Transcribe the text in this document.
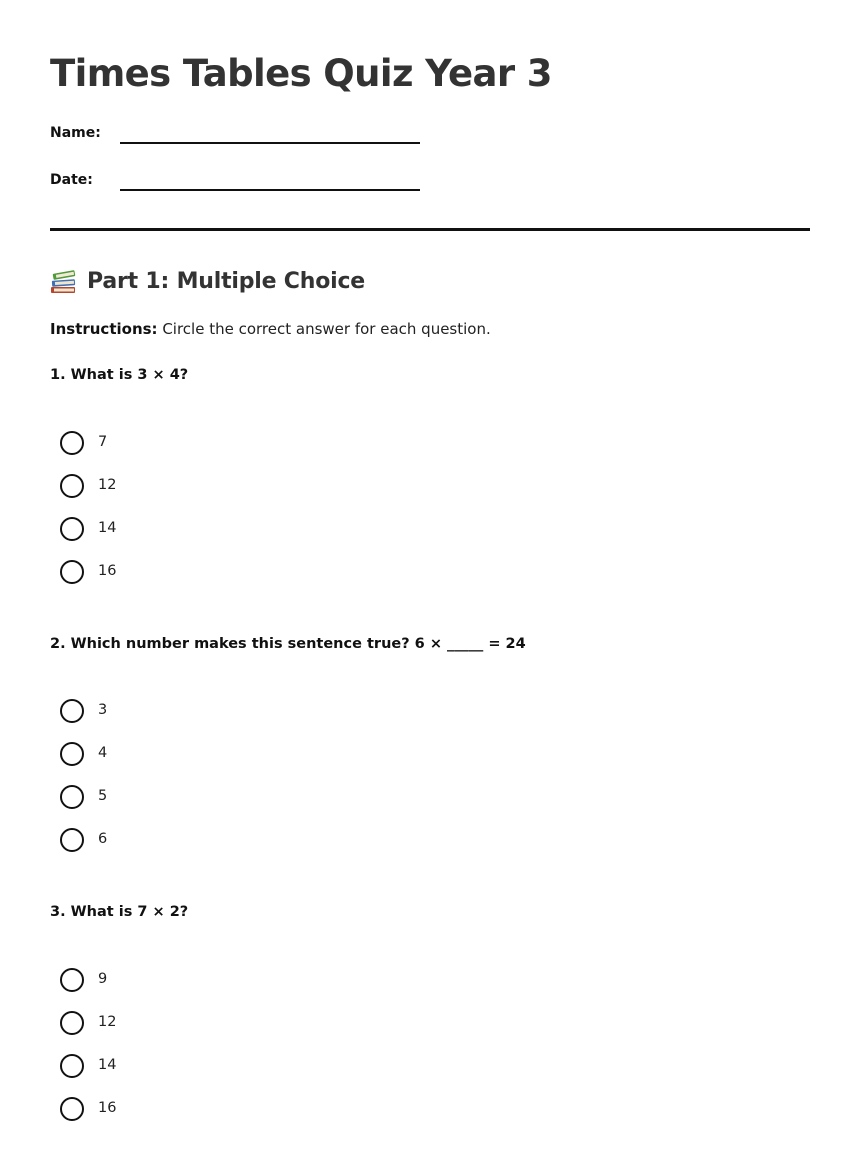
Times Tables Quiz Year 3
Name:
Date:
Part 1: Multiple Choice
Instructions: Circle the correct answer for each question.
1. What is 3 × 4?
7
12
14
16
2. Which number makes this sentence true? 6 × _____ = 24
3
4
5
6
3. What is 7 × 2?
9
12
14
16
